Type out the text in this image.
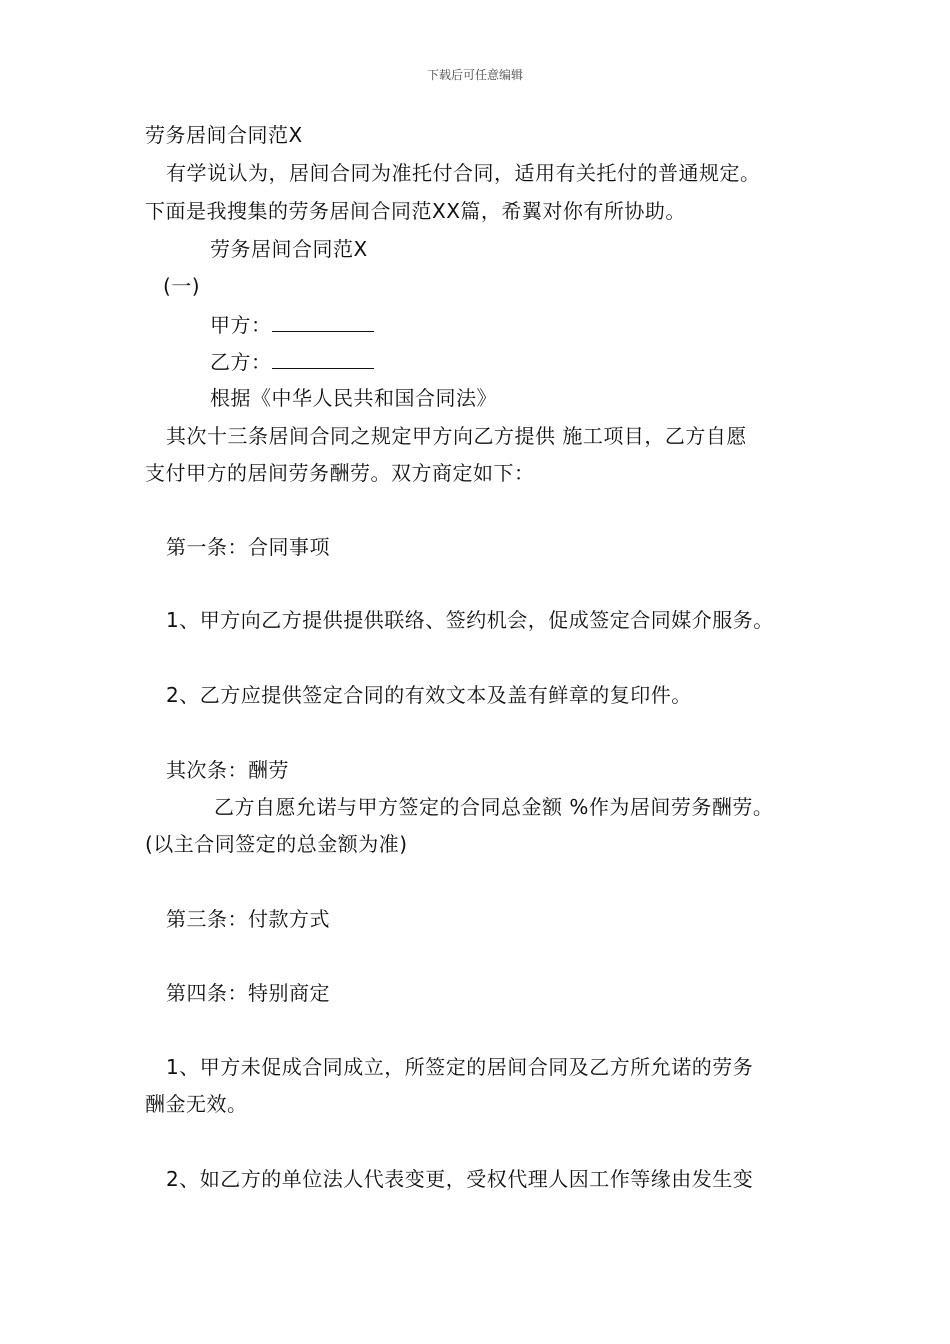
下载后可任意编辑
劳务居间合同范X
有学说认为，居间合同为准托付合同，适用有关托付的普通规定。
下面是我搜集的劳务居间合同范XX篇，希翼对你有所协助。
劳务居间合同范X
(一)
甲方：
乙方：
根据《中华人民共和国合同法》
其次十三条居间合同之规定甲方向乙方提供 施工项目，乙方自愿
支付甲方的居间劳务酬劳。双方商定如下：
第一条：合同事项
1、甲方向乙方提供提供联络、签约机会，促成签定合同媒介服务。
2、乙方应提供签定合同的有效文本及盖有鲜章的复印件。
其次条：酬劳
乙方自愿允诺与甲方签定的合同总金额 %作为居间劳务酬劳。
(以主合同签定的总金额为准)
第三条：付款方式
第四条：特别商定
1、甲方未促成合同成立，所签定的居间合同及乙方所允诺的劳务
酬金无效。
2、如乙方的单位法人代表变更，受权代理人因工作等缘由发生变
